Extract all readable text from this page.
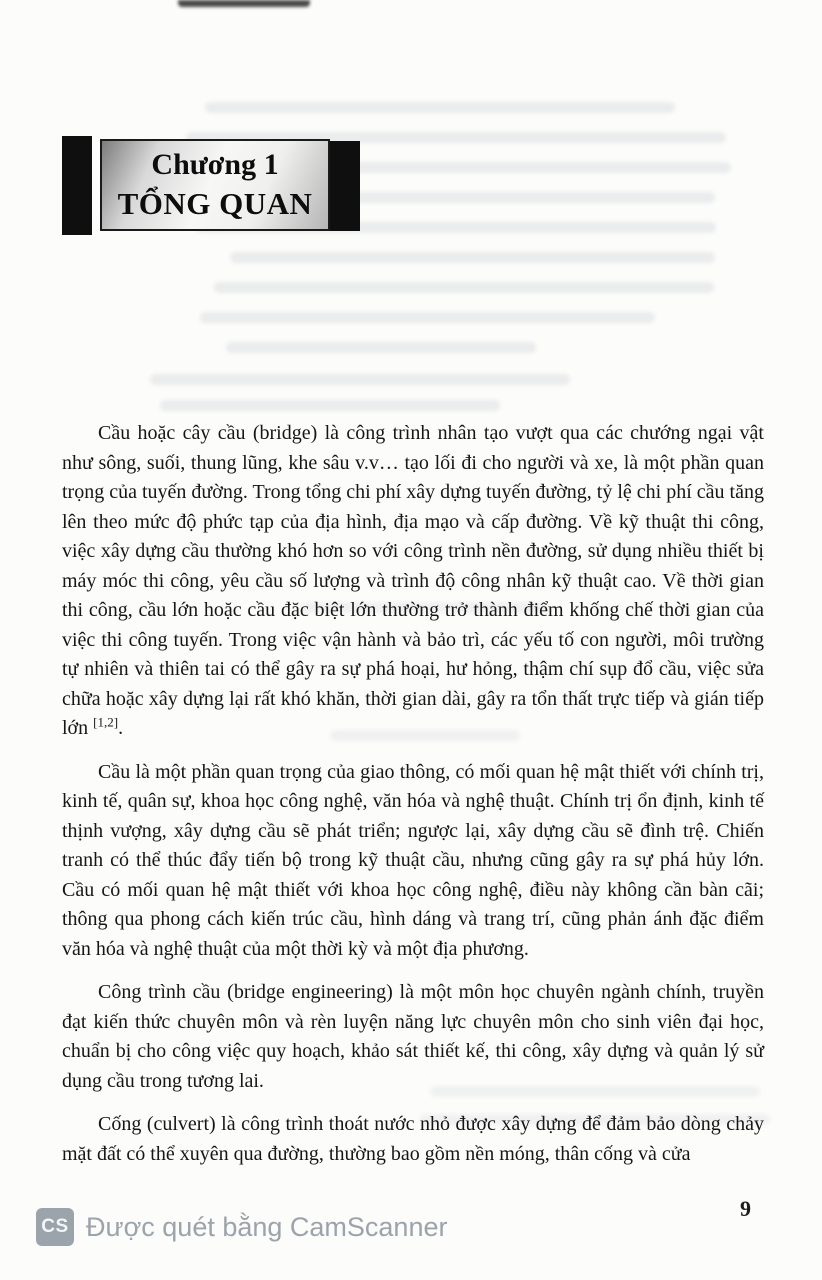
Chương 1
TỔNG QUAN

Cầu hoặc cây cầu (bridge) là công trình nhân tạo vượt qua các chướng ngại vật như sông, suối, thung lũng, khe sâu v.v… tạo lối đi cho người và xe, là một phần quan trọng của tuyến đường. Trong tổng chi phí xây dựng tuyến đường, tỷ lệ chi phí cầu tăng lên theo mức độ phức tạp của địa hình, địa mạo và cấp đường. Về kỹ thuật thi công, việc xây dựng cầu thường khó hơn so với công trình nền đường, sử dụng nhiều thiết bị máy móc thi công, yêu cầu số lượng và trình độ công nhân kỹ thuật cao. Về thời gian thi công, cầu lớn hoặc cầu đặc biệt lớn thường trở thành điểm khống chế thời gian của việc thi công tuyến. Trong việc vận hành và bảo trì, các yếu tố con người, môi trường tự nhiên và thiên tai có thể gây ra sự phá hoại, hư hỏng, thậm chí sụp đổ cầu, việc sửa chữa hoặc xây dựng lại rất khó khăn, thời gian dài, gây ra tổn thất trực tiếp và gián tiếp lớn [1,2].

Cầu là một phần quan trọng của giao thông, có mối quan hệ mật thiết với chính trị, kinh tế, quân sự, khoa học công nghệ, văn hóa và nghệ thuật. Chính trị ổn định, kinh tế thịnh vượng, xây dựng cầu sẽ phát triển; ngược lại, xây dựng cầu sẽ đình trệ. Chiến tranh có thể thúc đẩy tiến bộ trong kỹ thuật cầu, nhưng cũng gây ra sự phá hủy lớn. Cầu có mối quan hệ mật thiết với khoa học công nghệ, điều này không cần bàn cãi; thông qua phong cách kiến trúc cầu, hình dáng và trang trí, cũng phản ánh đặc điểm văn hóa và nghệ thuật của một thời kỳ và một địa phương.

Công trình cầu (bridge engineering) là một môn học chuyên ngành chính, truyền đạt kiến thức chuyên môn và rèn luyện năng lực chuyên môn cho sinh viên đại học, chuẩn bị cho công việc quy hoạch, khảo sát thiết kế, thi công, xây dựng và quản lý sử dụng cầu trong tương lai.

Cống (culvert) là công trình thoát nước nhỏ được xây dựng để đảm bảo dòng chảy mặt đất có thể xuyên qua đường, thường bao gồm nền móng, thân cống và cửa

9
CS Được quét bằng CamScanner
